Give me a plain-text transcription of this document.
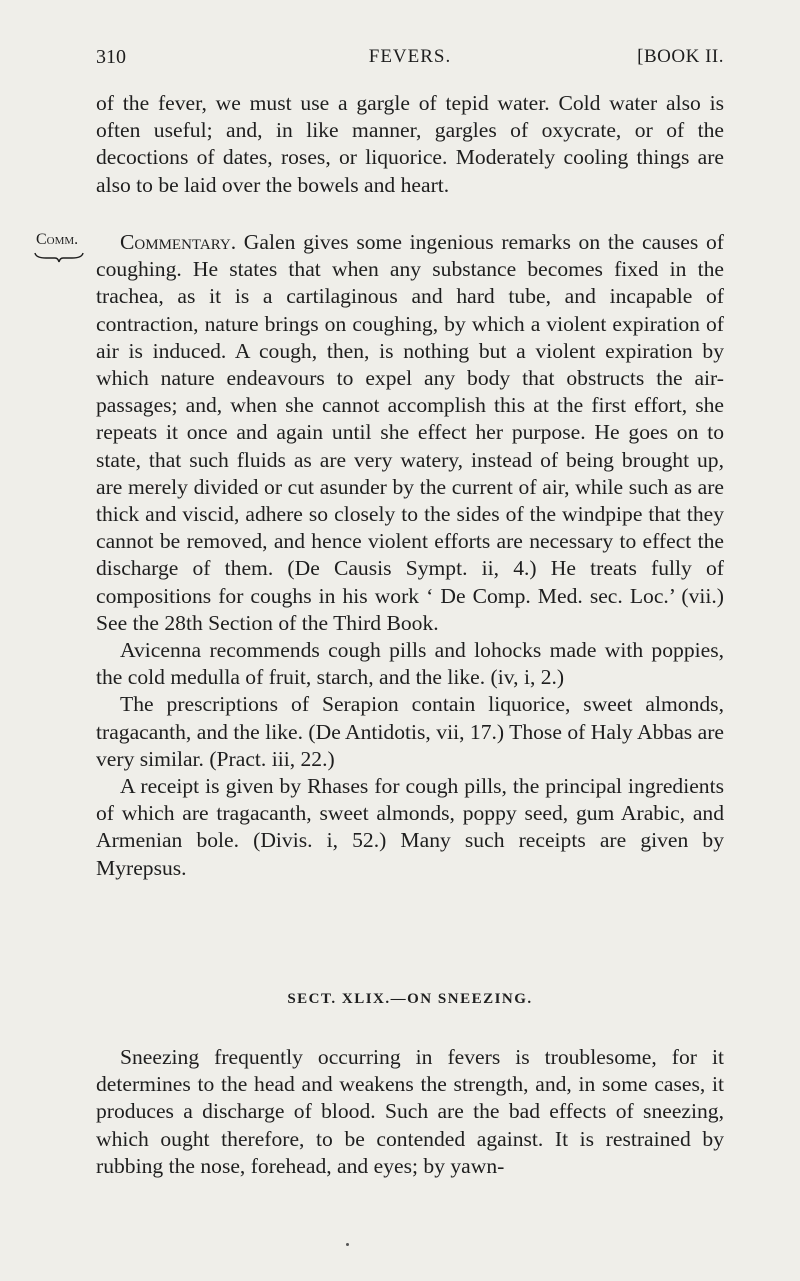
310	FEVERS.	[BOOK II.

of the fever, we must use a gargle of tepid water. Cold water also is often useful; and, in like manner, gargles of oxycrate, or of the decoctions of dates, roses, or liquorice. Moderately cooling things are also to be laid over the bowels and heart.

Comm.	Commentary. Galen gives some ingenious remarks on the causes of coughing. He states that when any substance becomes fixed in the trachea, as it is a cartilaginous and hard tube, and incapable of contraction, nature brings on coughing, by which a violent expiration of air is induced. A cough, then, is nothing but a violent expiration by which nature endeavours to expel any body that obstructs the air-passages; and, when she cannot accomplish this at the first effort, she repeats it once and again until she effect her purpose. He goes on to state, that such fluids as are very watery, instead of being brought up, are merely divided or cut asunder by the current of air, while such as are thick and viscid, adhere so closely to the sides of the windpipe that they cannot be removed, and hence violent efforts are necessary to effect the discharge of them. (De Causis Sympt. ii, 4.) He treats fully of compositions for coughs in his work ‘ De Comp. Med. sec. Loc.’ (vii.) See the 28th Section of the Third Book.

Avicenna recommends cough pills and lohocks made with poppies, the cold medulla of fruit, starch, and the like. (iv, i, 2.)

The prescriptions of Serapion contain liquorice, sweet almonds, tragacanth, and the like. (De Antidotis, vii, 17.) Those of Haly Abbas are very similar. (Pract. iii, 22.)

A receipt is given by Rhases for cough pills, the principal ingredients of which are tragacanth, sweet almonds, poppy seed, gum Arabic, and Armenian bole. (Divis. i, 52.) Many such receipts are given by Myrepsus.

SECT. XLIX.—ON SNEEZING.

Sneezing frequently occurring in fevers is troublesome, for it determines to the head and weakens the strength, and, in some cases, it produces a discharge of blood. Such are the bad effects of sneezing, which ought therefore, to be contended against. It is restrained by rubbing the nose, forehead, and eyes; by yawn-
